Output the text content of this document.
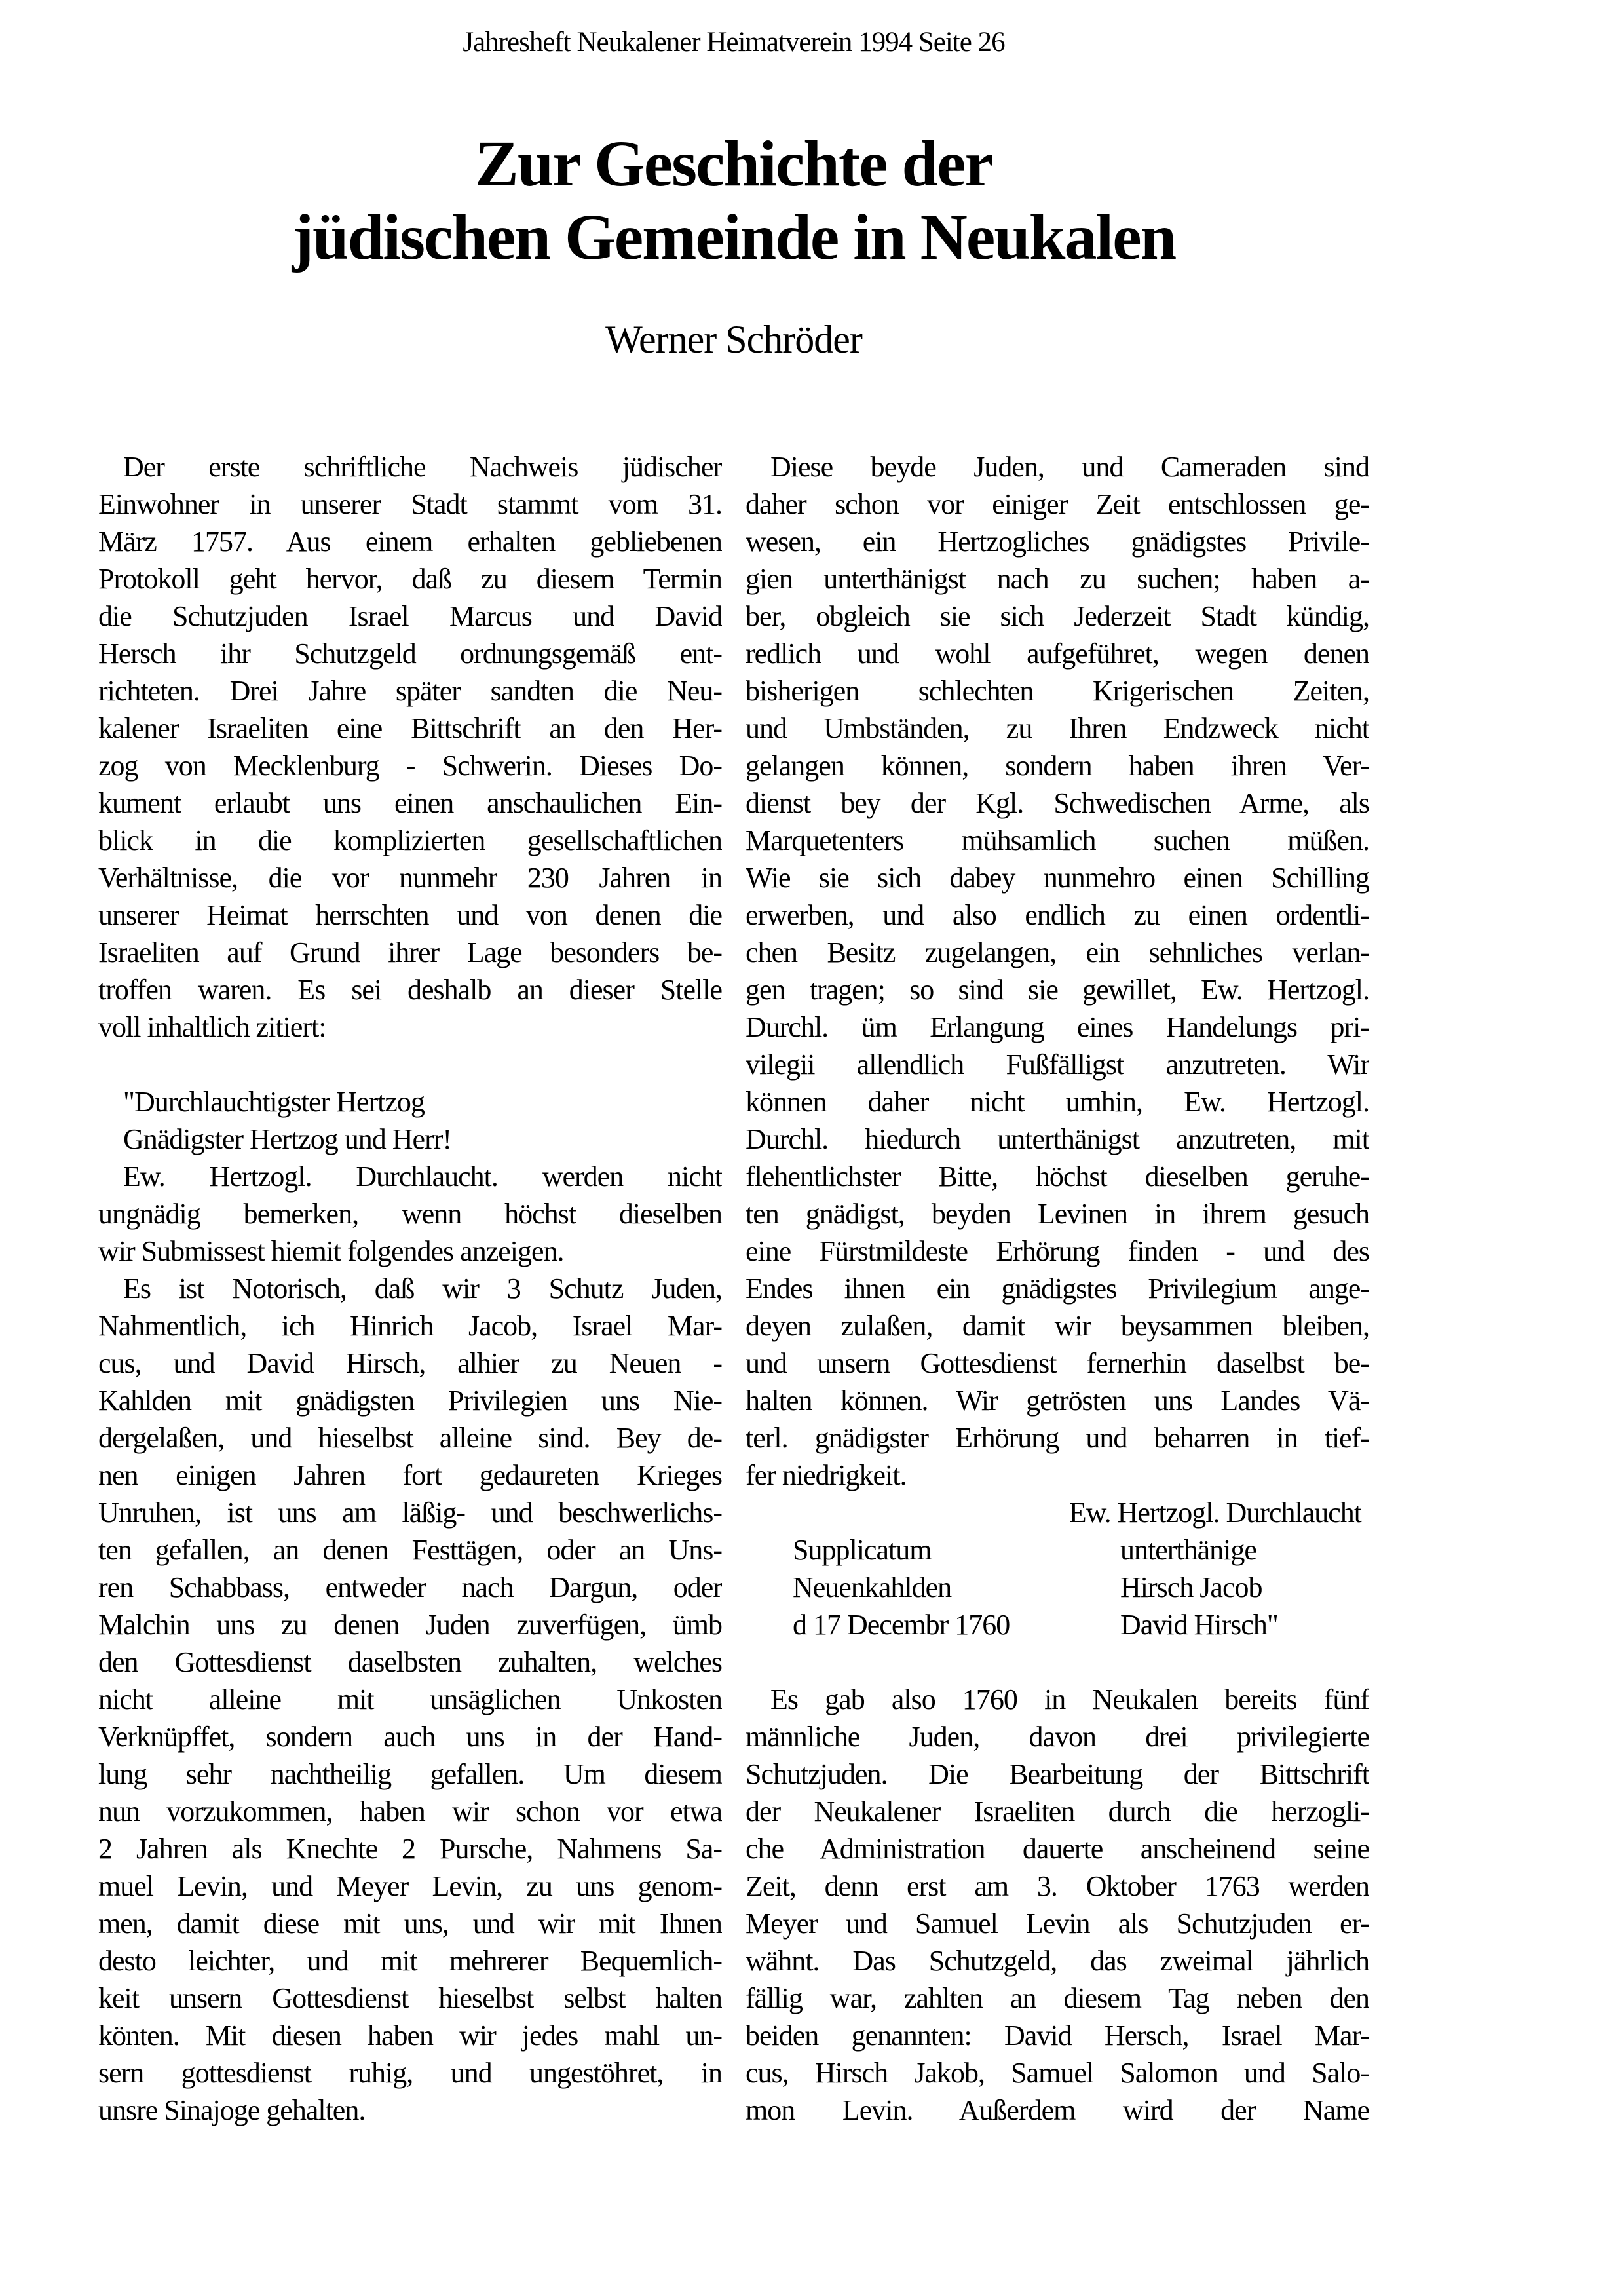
Jahresheft Neukalener Heimatverein 1994 Seite 26
Zur Geschichte der
jüdischen Gemeinde in Neukalen
Werner Schröder
Der erste schriftliche Nachweis jüdischer
Einwohner in unserer Stadt stammt vom 31.
März 1757. Aus einem erhalten gebliebenen
Protokoll geht hervor, daß zu diesem Termin
die Schutzjuden Israel Marcus und David
Hersch ihr Schutzgeld ordnungsgemäß ent-
richteten. Drei Jahre später sandten die Neu-
kalener Israeliten eine Bittschrift an den Her-
zog von Mecklenburg - Schwerin. Dieses Do-
kument erlaubt uns einen anschaulichen Ein-
blick in die komplizierten gesellschaftlichen
Verhältnisse, die vor nunmehr 230 Jahren in
unserer Heimat herrschten und von denen die
Israeliten auf Grund ihrer Lage besonders be-
troffen waren. Es sei deshalb an dieser Stelle
voll inhaltlich zitiert:
"Durchlauchtigster Hertzog
Gnädigster Hertzog und Herr!
Ew. Hertzogl. Durchlaucht. werden nicht
ungnädig bemerken, wenn höchst dieselben
wir Submissest hiemit folgendes anzeigen.
Es ist Notorisch, daß wir 3 Schutz Juden,
Nahmentlich, ich Hinrich Jacob, Israel Mar-
cus, und David Hirsch, alhier zu Neuen -
Kahlden mit gnädigsten Privilegien uns Nie-
dergelaßen, und hieselbst alleine sind. Bey de-
nen einigen Jahren fort gedaureten Krieges
Unruhen, ist uns am läßig- und beschwerlichs-
ten gefallen, an denen Festtägen, oder an Uns-
ren Schabbass, entweder nach Dargun, oder
Malchin uns zu denen Juden zuverfügen, ümb
den Gottesdienst daselbsten zuhalten, welches
nicht alleine mit unsäglichen Unkosten
Verknüpffet, sondern auch uns in der Hand-
lung sehr nachtheilig gefallen. Um diesem
nun vorzukommen, haben wir schon vor etwa
2 Jahren als Knechte 2 Pursche, Nahmens Sa-
muel Levin, und Meyer Levin, zu uns genom-
men, damit diese mit uns, und wir mit Ihnen
desto leichter, und mit mehrerer Bequemlich-
keit unsern Gottesdienst hieselbst selbst halten
könten. Mit diesen haben wir jedes mahl un-
sern gottesdienst ruhig, und ungestöhret, in
unsre Sinajoge gehalten.
Diese beyde Juden, und Cameraden sind
daher schon vor einiger Zeit entschlossen ge-
wesen, ein Hertzogliches gnädigstes Privile-
gien unterthänigst nach zu suchen; haben a-
ber, obgleich sie sich Jederzeit Stadt kündig,
redlich und wohl aufgeführet, wegen denen
bisherigen schlechten Krigerischen Zeiten,
und Umbständen, zu Ihren Endzweck nicht
gelangen können, sondern haben ihren Ver-
dienst bey der Kgl. Schwedischen Arme, als
Marquetenters mühsamlich suchen müßen.
Wie sie sich dabey nunmehro einen Schilling
erwerben, und also endlich zu einen ordentli-
chen Besitz zugelangen, ein sehnliches verlan-
gen tragen; so sind sie gewillet, Ew. Hertzogl.
Durchl. üm Erlangung eines Handelungs pri-
vilegii allendlich Fußfälligst anzutreten. Wir
können daher nicht umhin, Ew. Hertzogl.
Durchl. hiedurch unterthänigst anzutreten, mit
flehentlichster Bitte, höchst dieselben geruhe-
ten gnädigst, beyden Levinen in ihrem gesuch
eine Fürstmildeste Erhörung finden - und des
Endes ihnen ein gnädigstes Privilegium ange-
deyen zulaßen, damit wir beysammen bleiben,
und unsern Gottesdienst fernerhin daselbst be-
halten können. Wir getrösten uns Landes Vä-
terl. gnädigster Erhörung und beharren in tief-
fer niedrigkeit.
Ew. Hertzogl. Durchlaucht
Supplicatum	unterthänige
Neuenkahlden	Hirsch Jacob
d 17 Decembr 1760	David Hirsch"
Es gab also 1760 in Neukalen bereits fünf
männliche Juden, davon drei privilegierte
Schutzjuden. Die Bearbeitung der Bittschrift
der Neukalener Israeliten durch die herzogli-
che Administration dauerte anscheinend seine
Zeit, denn erst am 3. Oktober 1763 werden
Meyer und Samuel Levin als Schutzjuden er-
wähnt. Das Schutzgeld, das zweimal jährlich
fällig war, zahlten an diesem Tag neben den
beiden genannten: David Hersch, Israel Mar-
cus, Hirsch Jakob, Samuel Salomon und Salo-
mon Levin. Außerdem wird der Name
